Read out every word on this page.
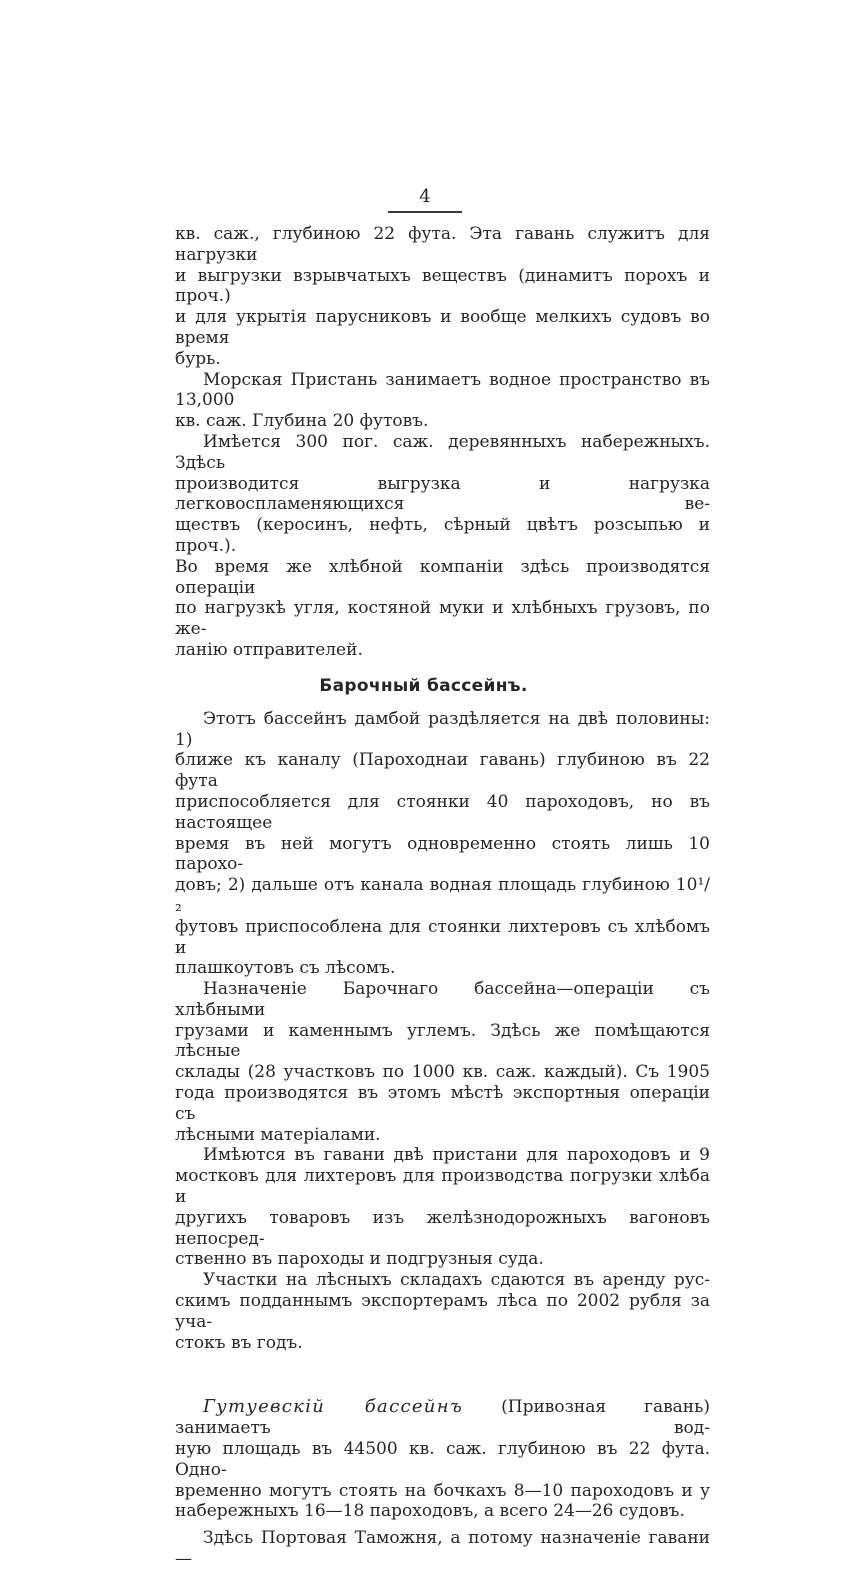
4
кв. саж., глубиною 22 фута. Эта гавань служитъ для нагрузки
и выгрузки взрывчатыхъ веществъ (динамитъ порохъ и проч.)
и для укрытія парусниковъ и вообще мелкихъ судовъ во время
бурь.
Морская Пристань занимаетъ водное пространство въ 13,000
кв. саж. Глубина 20 футовъ.
Имѣется 300 пог. саж. деревянныхъ набережныхъ. Здѣсь
производится выгрузка и нагрузка легковоспламеняющихся ве-
ществъ (керосинъ, нефть, сѣрный цвѣтъ розсыпью и проч.).
Во время же хлѣбной компаніи здѣсь производятся операціи
по нагрузкѣ угля, костяной муки и хлѣбныхъ грузовъ, по же-
ланію отправителей.
Барочный бассейнъ.
Этотъ бассейнъ дамбой раздѣляется на двѣ половины: 1)
ближе къ каналу (Пароходнаи гавань) глубиною въ 22 фута
приспособляется для стоянки 40 пароходовъ, но въ настоящее
время въ ней могутъ одновременно стоять лишь 10 парохо-
довъ; 2) дальше отъ канала водная площадь глубиною 10¹/₂
футовъ приспособлена для стоянки лихтеровъ съ хлѣбомъ и
плашкоутовъ съ лѣсомъ.
Назначеніе Барочнаго бассейна—операціи съ хлѣбными
грузами и каменнымъ углемъ. Здѣсь же помѣщаются лѣсные
склады (28 участковъ по 1000 кв. саж. каждый). Съ 1905
года производятся въ этомъ мѣстѣ экспортныя операціи съ
лѣсными матеріалами.
Имѣются въ гавани двѣ пристани для пароходовъ и 9
мостковъ для лихтеровъ для производства погрузки хлѣба и
другихъ товаровъ изъ желѣзнодорожныхъ вагоновъ непосред-
ственно въ пароходы и подгрузныя суда.
Участки на лѣсныхъ складахъ сдаются въ аренду рус-
скимъ подданнымъ экспортерамъ лѣса по 2002 рубля за уча-
стокъ въ годъ.
Гутуевскій бассейнъ (Привозная гавань) занимаетъ вод-
ную площадь въ 44500 кв. саж. глубиною въ 22 фута. Одно-
временно могутъ стоять на бочкахъ 8—10 пароходовъ и у
набережныхъ 16—18 пароходовъ, а всего 24—26 судовъ.
Здѣсь Портовая Таможня, а потому назначеніе гавани—
